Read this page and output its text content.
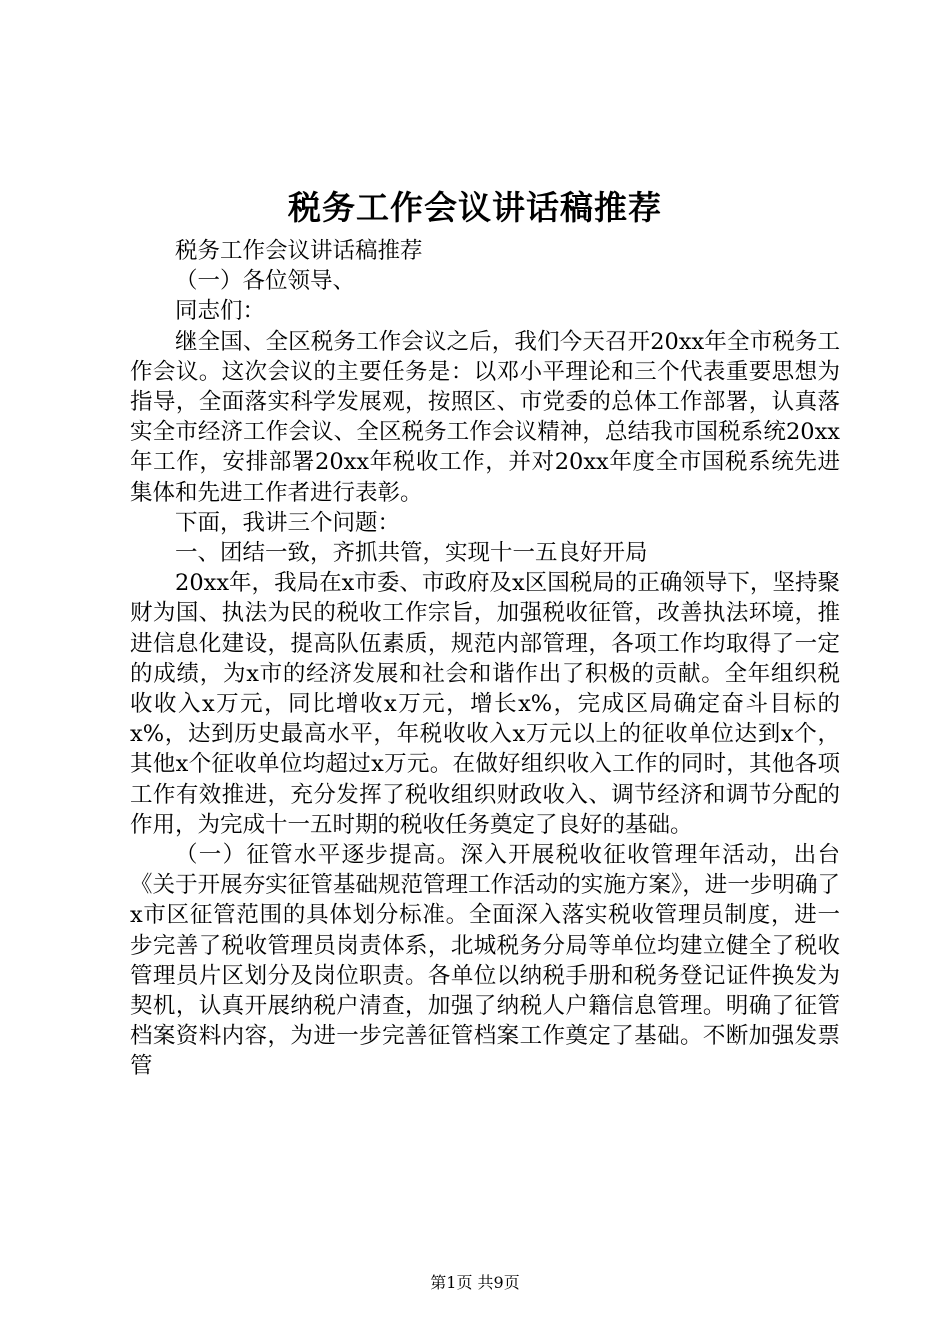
税务工作会议讲话稿推荐

税务工作会议讲话稿推荐

（一）各位领导、

同志们：

继全国、全区税务工作会议之后，我们今天召开20xx年全市税务工作会议。这次会议的主要任务是：以邓小平理论和三个代表重要思想为指导，全面落实科学发展观，按照区、市党委的总体工作部署，认真落实全市经济工作会议、全区税务工作会议精神，总结我市国税系统20xx年工作，安排部署20xx年税收工作，并对20xx年度全市国税系统先进集体和先进工作者进行表彰。

下面，我讲三个问题：

一、团结一致，齐抓共管，实现十一五良好开局

20xx年，我局在x市委、市政府及x区国税局的正确领导下，坚持聚财为国、执法为民的税收工作宗旨，加强税收征管，改善执法环境，推进信息化建设，提高队伍素质，规范内部管理，各项工作均取得了一定的成绩，为x市的经济发展和社会和谐作出了积极的贡献。全年组织税收收入x万元，同比增收x万元，增长x%，完成区局确定奋斗目标的x%，达到历史最高水平，年税收收入x万元以上的征收单位达到x个，其他x个征收单位均超过x万元。在做好组织收入工作的同时，其他各项工作有效推进，充分发挥了税收组织财政收入、调节经济和调节分配的作用，为完成十一五时期的税收任务奠定了良好的基础。

（一）征管水平逐步提高。深入开展税收征收管理年活动，出台《关于开展夯实征管基础规范管理工作活动的实施方案》，进一步明确了x市区征管范围的具体划分标准。全面深入落实税收管理员制度，进一步完善了税收管理员岗责体系，北城税务分局等单位均建立健全了税收管理员片区划分及岗位职责。各单位以纳税手册和税务登记证件换发为契机，认真开展纳税户清查，加强了纳税人户籍信息管理。明确了征管档案资料内容，为进一步完善征管档案工作奠定了基础。不断加强发票管

第1页 共9页
